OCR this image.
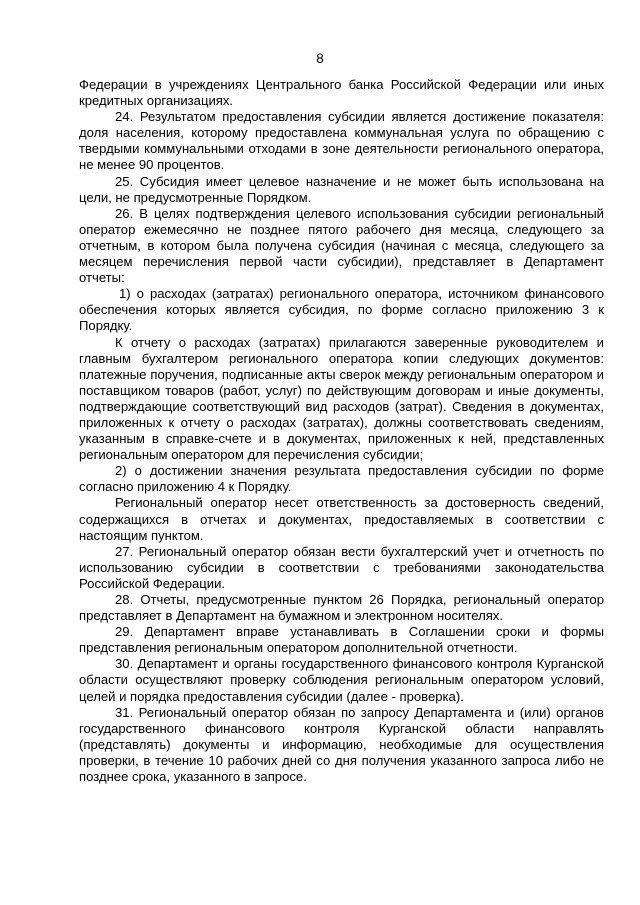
8

Федерации в учреждениях Центрального банка Российской Федерации или иных кредитных организациях.

24. Результатом предоставления субсидии является достижение показателя: доля населения, которому предоставлена коммунальная услуга по обращению с твердыми коммунальными отходами в зоне деятельности регионального оператора, не менее 90 процентов.

25. Субсидия имеет целевое назначение и не может быть использована на цели, не предусмотренные Порядком.

26. В целях подтверждения целевого использования субсидии региональный оператор ежемесячно не позднее пятого рабочего дня месяца, следующего за отчетным, в котором была получена субсидия (начиная с месяца, следующего за месяцем перечисления первой части субсидии), представляет в Департамент отчеты:

1) о расходах (затратах) регионального оператора, источником финансового обеспечения которых является субсидия, по форме согласно приложению 3 к Порядку.

К отчету о расходах (затратах) прилагаются заверенные руководителем и главным бухгалтером регионального оператора копии следующих документов: платежные поручения, подписанные акты сверок между региональным оператором и поставщиком товаров (работ, услуг) по действующим договорам и иные документы, подтверждающие соответствующий вид расходов (затрат). Сведения в документах, приложенных к отчету о расходах (затратах), должны соответствовать сведениям, указанным в справке-счете и в документах, приложенных к ней, представленных региональным оператором для перечисления субсидии;

2) о достижении значения результата предоставления субсидии по форме согласно приложению 4 к Порядку.

Региональный оператор несет ответственность за достоверность сведений, содержащихся в отчетах и документах, предоставляемых в соответствии с настоящим пунктом.

27. Региональный оператор обязан вести бухгалтерский учет и отчетность по использованию субсидии в соответствии с требованиями законодательства Российской Федерации.

28. Отчеты, предусмотренные пунктом 26 Порядка, региональный оператор представляет в Департамент на бумажном и электронном носителях.

29. Департамент вправе устанавливать в Соглашении сроки и формы представления региональным оператором дополнительной отчетности.

30. Департамент и органы государственного финансового контроля Курганской области осуществляют проверку соблюдения региональным оператором условий, целей и порядка предоставления субсидии (далее - проверка).

31. Региональный оператор обязан по запросу Департамента и (или) органов государственного финансового контроля Курганской области направлять (представлять) документы и информацию, необходимые для осуществления проверки, в течение 10 рабочих дней со дня получения указанного запроса либо не позднее срока, указанного в запросе.
